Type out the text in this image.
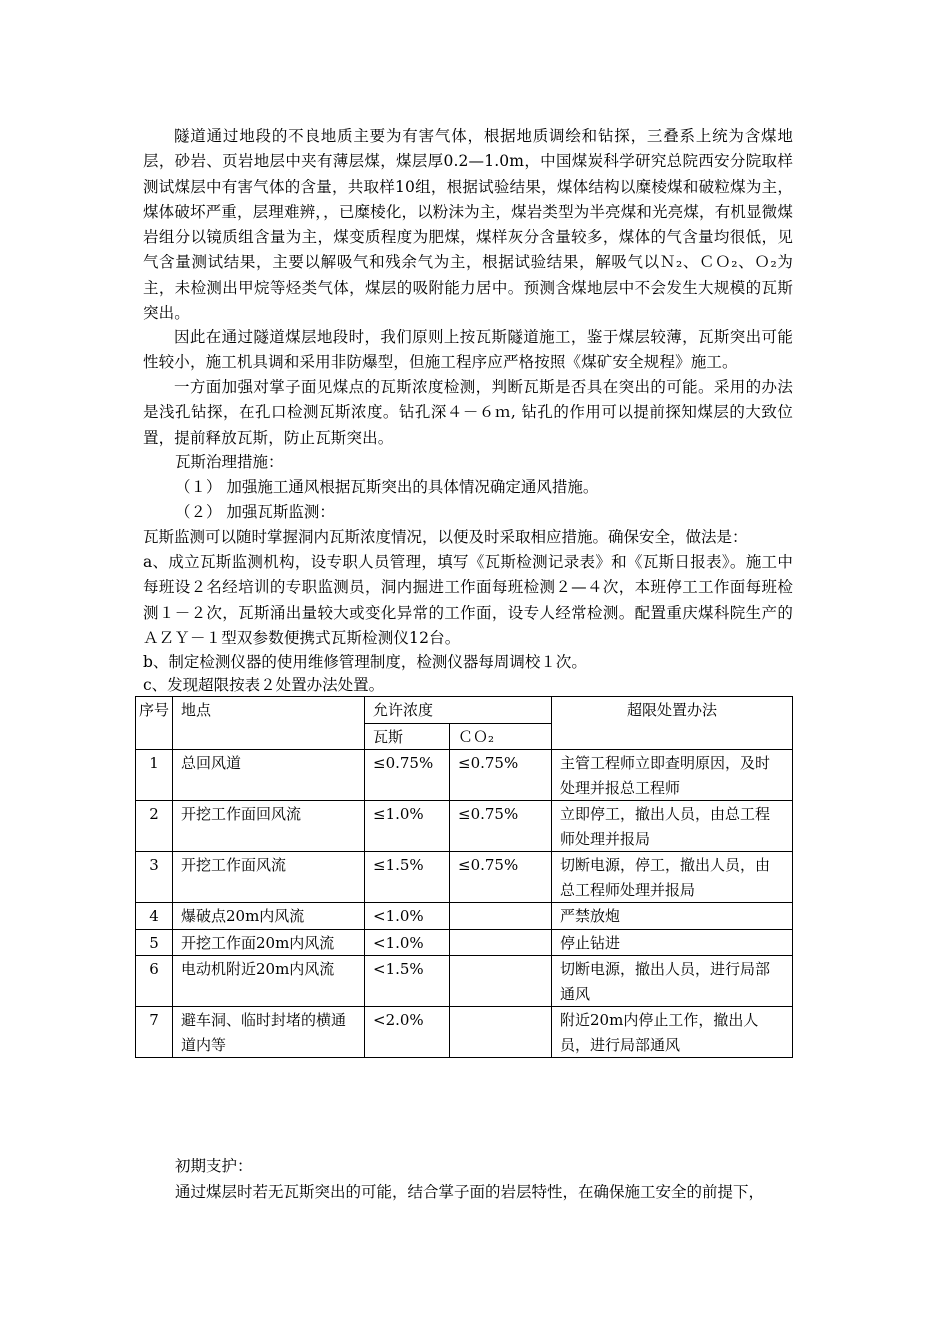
隧道通过地段的不良地质主要为有害气体，根据地质调绘和钻探，三叠系上统为含煤地层，砂岩、页岩地层中夹有薄层煤，煤层厚0.2—1.0m，中国煤炭科学研究总院西安分院取样测试煤层中有害气体的含量，共取样10组，根据试验结果，煤体结构以糜棱煤和破粒煤为主，煤体破坏严重，层理难辨，，已糜棱化，以粉沫为主，煤岩类型为半亮煤和光亮煤，有机显微煤岩组分以镜质组含量为主，煤变质程度为肥煤，煤样灰分含量较多，煤体的气含量均很低，见气含量测试结果，主要以解吸气和残余气为主，根据试验结果，解吸气以Ｎ₂、ＣＯ₂、Ｏ₂为主，未检测出甲烷等烃类气体，煤层的吸附能力居中。预测含煤地层中不会发生大规模的瓦斯突出。
因此在通过隧道煤层地段时，我们原则上按瓦斯隧道施工，鉴于煤层较薄，瓦斯突出可能性较小，施工机具调和采用非防爆型，但施工程序应严格按照《煤矿安全规程》施工。
一方面加强对掌子面见煤点的瓦斯浓度检测，判断瓦斯是否具在突出的可能。采用的办法是浅孔钻探，在孔口检测瓦斯浓度。钻孔深４－６ｍ, 钻孔的作用可以提前探知煤层的大致位置，提前释放瓦斯，防止瓦斯突出。
瓦斯治理措施：
（１） 加强施工通风根据瓦斯突出的具体情况确定通风措施。
（２） 加强瓦斯监测：
瓦斯监测可以随时掌握洞内瓦斯浓度情况，以便及时采取相应措施。确保安全，做法是：
a、成立瓦斯监测机构，设专职人员管理，填写《瓦斯检测记录表》和《瓦斯日报表》。施工中每班设２名经培训的专职监测员，洞内掘进工作面每班检测２—４次，本班停工工作面每班检测１－２次，瓦斯涌出量较大或变化异常的工作面，设专人经常检测。配置重庆煤科院生产的ＡＺＹ－１型双参数便携式瓦斯检测仪12台。
b、制定检测仪器的使用维修管理制度，检测仪器每周调校１次。
c、发现超限按表２处置办法处置。
序号	地点	允许浓度		超限处置办法
		瓦斯	ＣＯ₂	
1	总回风道	≤0.75%	≤0.75%	主管工程师立即查明原因，及时处理并报总工程师
2	开挖工作面回风流	≤1.0%	≤0.75%	立即停工，撤出人员，由总工程师处理并报局
3	开挖工作面风流	≤1.5%	≤0.75%	切断电源，停工，撤出人员，由总工程师处理并报局
4	爆破点20m内风流	<1.0%		严禁放炮
5	开挖工作面20m内风流	<1.0%		停止钻进
6	电动机附近20m内风流	<1.5%		切断电源，撤出人员，进行局部通风
7	避车洞、临时封堵的横通道内等	<2.0%		附近20m内停止工作，撤出人员，进行局部通风
初期支护：
通过煤层时若无瓦斯突出的可能，结合掌子面的岩层特性，在确保施工安全的前提下，
